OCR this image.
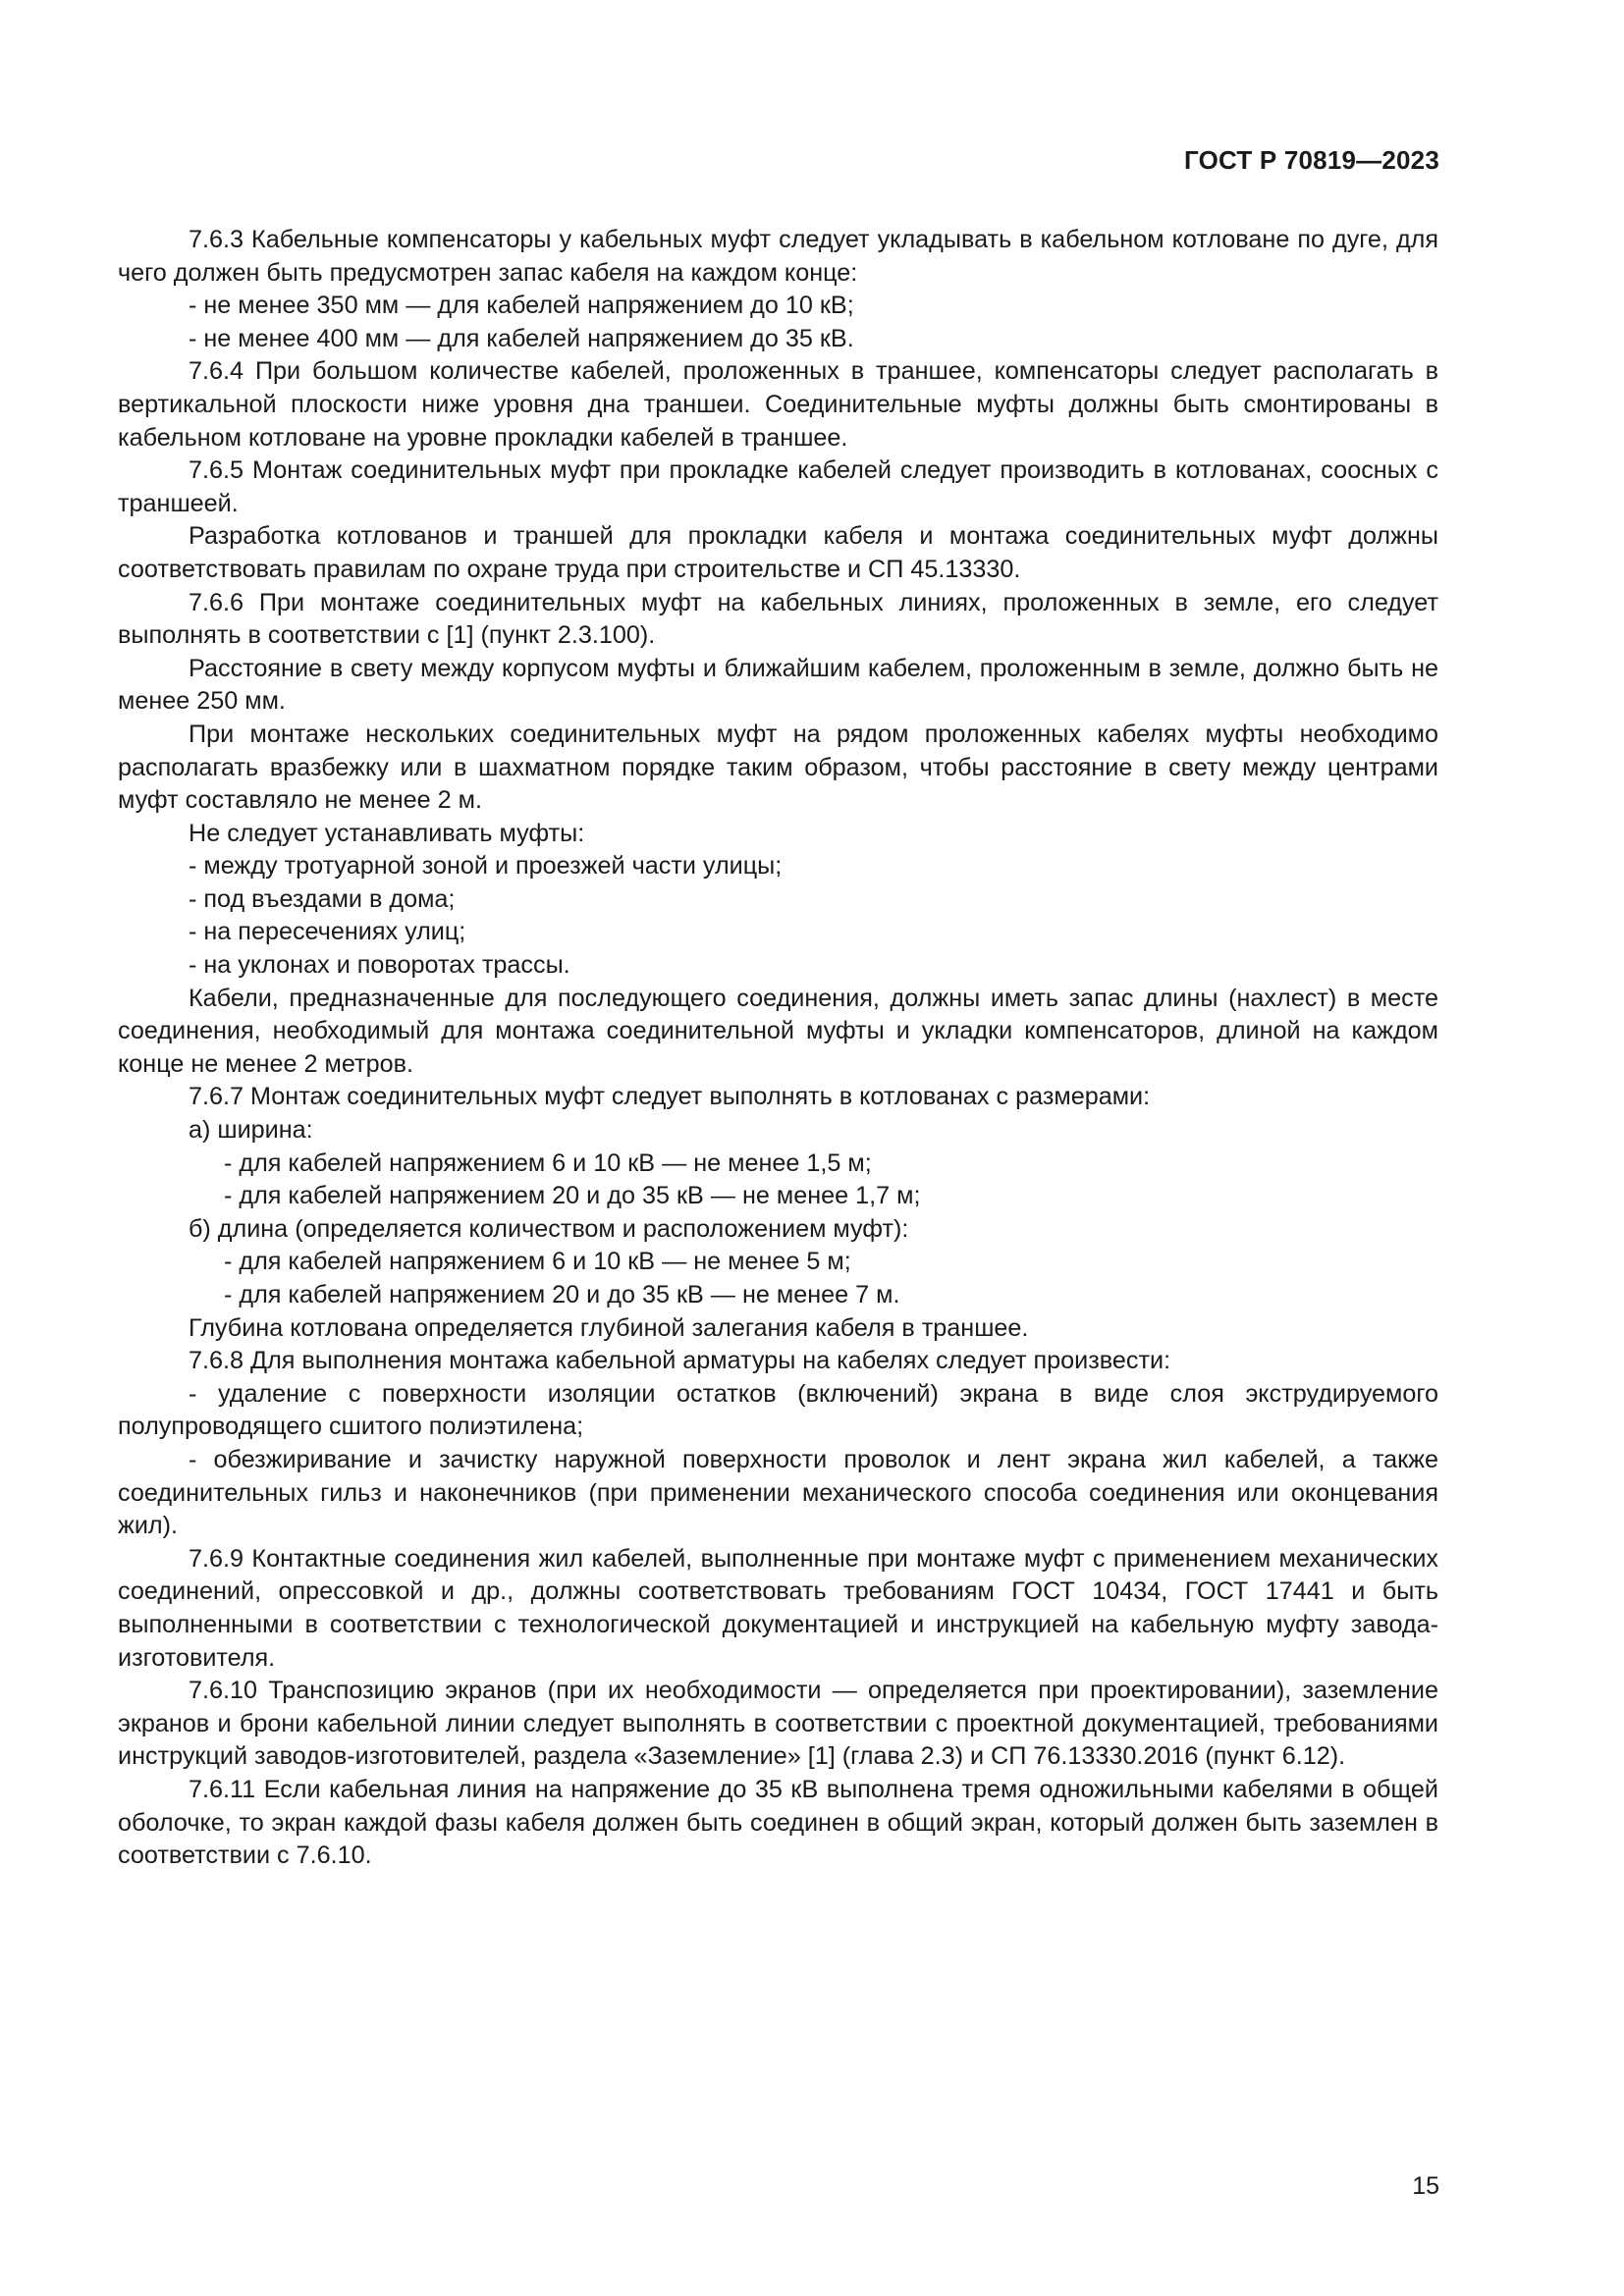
ГОСТ Р 70819—2023

7.6.3 Кабельные компенсаторы у кабельных муфт следует укладывать в кабельном котловане по дуге, для чего должен быть предусмотрен запас кабеля на каждом конце:

- не менее 350 мм — для кабелей напряжением до 10 кВ;

- не менее 400 мм — для кабелей напряжением до 35 кВ.

7.6.4 При большом количестве кабелей, проложенных в траншее, компенсаторы следует располагать в вертикальной плоскости ниже уровня дна траншеи. Соединительные муфты должны быть смонтированы в кабельном котловане на уровне прокладки кабелей в траншее.

7.6.5 Монтаж соединительных муфт при прокладке кабелей следует производить в котлованах, соосных с траншеей.

Разработка котлованов и траншей для прокладки кабеля и монтажа соединительных муфт должны соответствовать правилам по охране труда при строительстве и СП 45.13330.

7.6.6 При монтаже соединительных муфт на кабельных линиях, проложенных в земле, его следует выполнять в соответствии с [1] (пункт 2.3.100).

Расстояние в свету между корпусом муфты и ближайшим кабелем, проложенным в земле, должно быть не менее 250 мм.

При монтаже нескольких соединительных муфт на рядом проложенных кабелях муфты необходимо располагать вразбежку или в шахматном порядке таким образом, чтобы расстояние в свету между центрами муфт составляло не менее 2 м.

Не следует устанавливать муфты:

- между тротуарной зоной и проезжей части улицы;

- под въездами в дома;

- на пересечениях улиц;

- на уклонах и поворотах трассы.

Кабели, предназначенные для последующего соединения, должны иметь запас длины (нахлест) в месте соединения, необходимый для монтажа соединительной муфты и укладки компенсаторов, длиной на каждом конце не менее 2 метров.

7.6.7 Монтаж соединительных муфт следует выполнять в котлованах с размерами:

а) ширина:

- для кабелей напряжением 6 и 10 кВ — не менее 1,5 м;

- для кабелей напряжением 20 и до 35 кВ — не менее 1,7 м;

б) длина (определяется количеством и расположением муфт):

- для кабелей напряжением 6 и 10 кВ — не менее 5 м;

- для кабелей напряжением 20 и до 35 кВ — не менее 7 м.

Глубина котлована определяется глубиной залегания кабеля в траншее.

7.6.8 Для выполнения монтажа кабельной арматуры на кабелях следует произвести:

- удаление с поверхности изоляции остатков (включений) экрана в виде слоя экструдируемого полупроводящего сшитого полиэтилена;

- обезжиривание и зачистку наружной поверхности проволок и лент экрана жил кабелей, а также соединительных гильз и наконечников (при применении механического способа соединения или оконцевания жил).

7.6.9 Контактные соединения жил кабелей, выполненные при монтаже муфт с применением механических соединений, опрессовкой и др., должны соответствовать требованиям ГОСТ 10434, ГОСТ 17441 и быть выполненными в соответствии с технологической документацией и инструкцией на кабельную муфту завода-изготовителя.

7.6.10 Транспозицию экранов (при их необходимости — определяется при проектировании), заземление экранов и брони кабельной линии следует выполнять в соответствии с проектной документацией, требованиями инструкций заводов-изготовителей, раздела «Заземление» [1] (глава 2.3) и СП 76.13330.2016 (пункт 6.12).

7.6.11 Если кабельная линия на напряжение до 35 кВ выполнена тремя одножильными кабелями в общей оболочке, то экран каждой фазы кабеля должен быть соединен в общий экран, который должен быть заземлен в соответствии с 7.6.10.

15
